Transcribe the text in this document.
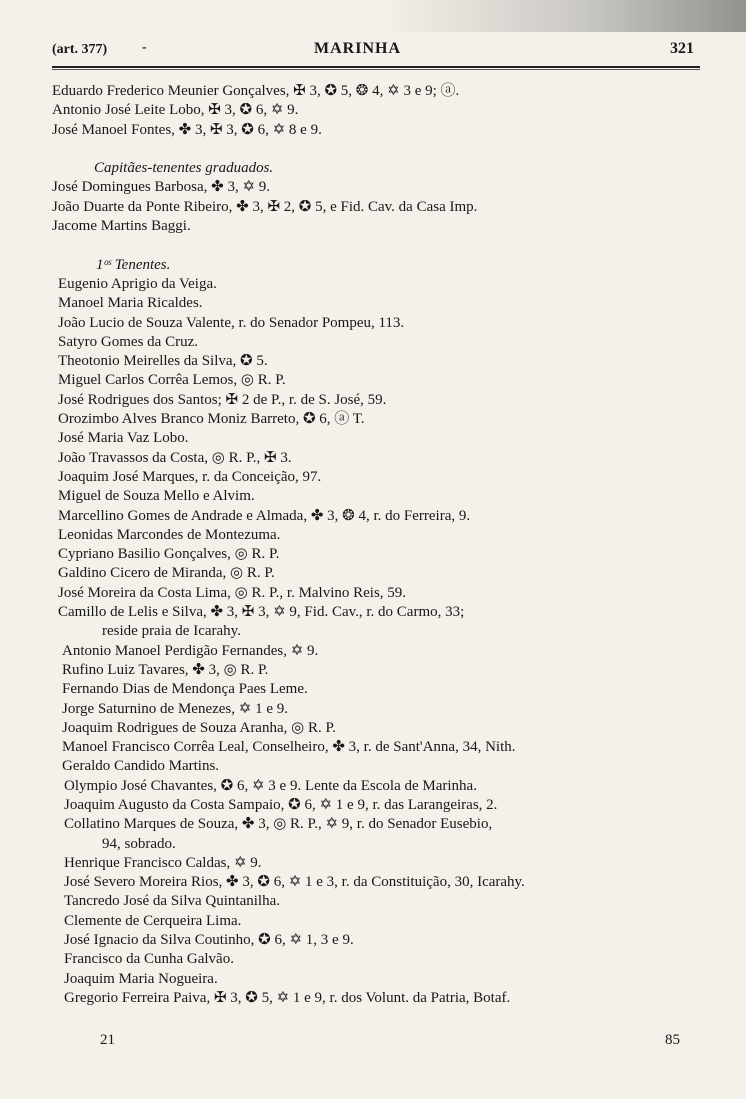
(art. 377) -	MARINHA	321
Eduardo Frederico Meunier Gonçalves, ✠ 3, ✪ 5, ❂ 4, ✡ 3 e 9; ⓐ.
Antonio José Leite Lobo, ✠ 3, ✪ 6, ✡ 9.
José Manoel Fontes, ✤ 3, ✠ 3, ✪ 6, ✡ 8 e 9.
Capitães-tenentes graduados.
José Domingues Barbosa, ✤ 3, ✡ 9.
João Duarte da Ponte Ribeiro, ✤ 3, ✠ 2, ✪ 5, e Fid. Cav. da Casa Imp.
Jacome Martins Baggi.
1ᵒˢ Tenentes.
Eugenio Aprigio da Veiga.
Manoel Maria Ricaldes.
João Lucio de Souza Valente, r. do Senador Pompeu, 113.
Satyro Gomes da Cruz.
Theotonio Meirelles da Silva, ✪ 5.
Miguel Carlos Corrêa Lemos, ◎ R. P.
José Rodrigues dos Santos; ✠ 2 de P., r. de S. José, 59.
Orozimbo Alves Branco Moniz Barreto, ✪ 6, ⓐ T.
José Maria Vaz Lobo.
João Travassos da Costa, ◎ R. P., ✠ 3.
Joaquim José Marques, r. da Conceição, 97.
Miguel de Souza Mello e Alvim.
Marcellino Gomes de Andrade e Almada, ✤ 3, ❂ 4, r. do Ferreira, 9.
Leonidas Marcondes de Montezuma.
Cypriano Basilio Gonçalves, ◎ R. P.
Galdino Cicero de Miranda, ◎ R. P.
José Moreira da Costa Lima, ◎ R. P., r. Malvino Reis, 59.
Camillo de Lelis e Silva, ✤ 3, ✠ 3, ✡ 9, Fid. Cav., r. do Carmo, 33;
reside praia de Icarahy.
Antonio Manoel Perdigão Fernandes, ✡ 9.
Rufino Luiz Tavares, ✤ 3, ◎ R. P.
Fernando Dias de Mendonça Paes Leme.
Jorge Saturnino de Menezes, ✡ 1 e 9.
Joaquim Rodrigues de Souza Aranha, ◎ R. P.
Manoel Francisco Corrêa Leal, Conselheiro, ✤ 3, r. de Sant'Anna, 34, Nith.
Geraldo Candido Martins.
Olympio José Chavantes, ✪ 6, ✡ 3 e 9. Lente da Escola de Marinha.
Joaquim Augusto da Costa Sampaio, ✪ 6, ✡ 1 e 9, r. das Larangeiras, 2.
Collatino Marques de Souza, ✤ 3, ◎ R. P., ✡ 9, r. do Senador Eusebio,
94, sobrado.
Henrique Francisco Caldas, ✡ 9.
José Severo Moreira Rios, ✤ 3, ✪ 6, ✡ 1 e 3, r. da Constituição, 30, Icarahy.
Tancredo José da Silva Quintanilha.
Clemente de Cerqueira Lima.
José Ignacio da Silva Coutinho, ✪ 6, ✡ 1, 3 e 9.
Francisco da Cunha Galvão.
Joaquim Maria Nogueira.
Gregorio Ferreira Paiva, ✠ 3, ✪ 5, ✡ 1 e 9, r. dos Volunt. da Patria, Botaf.
21	85
